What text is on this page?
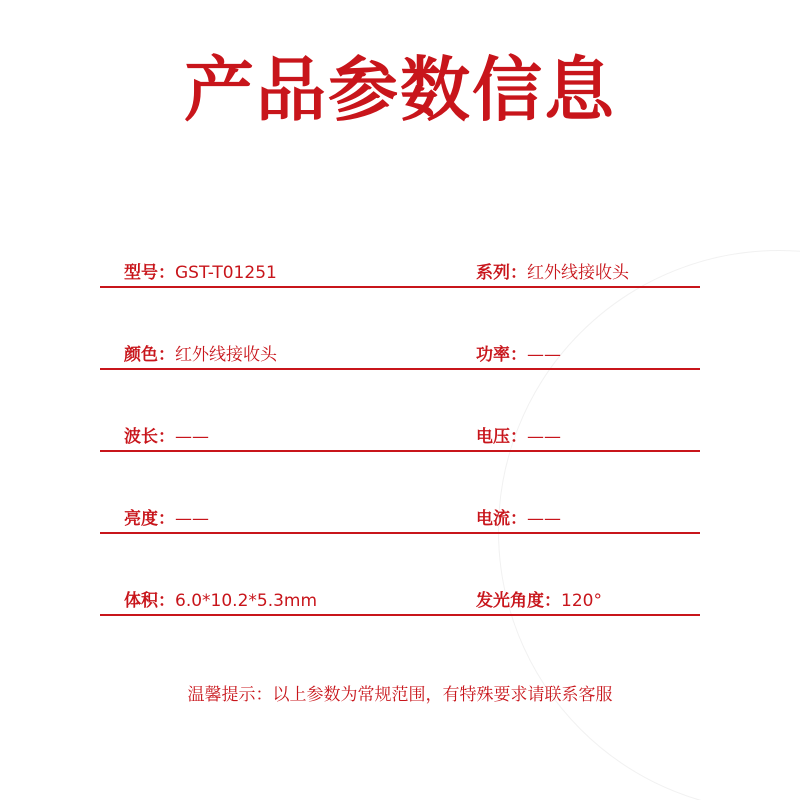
产品参数信息
型号：GST-T01251	系列：红外线接收头
颜色：红外线接收头	功率：——
波长：——	电压：——
亮度：——	电流：——
体积：6.0*10.2*5.3mm	发光角度：120°
温馨提示：以上参数为常规范围，有特殊要求请联系客服
